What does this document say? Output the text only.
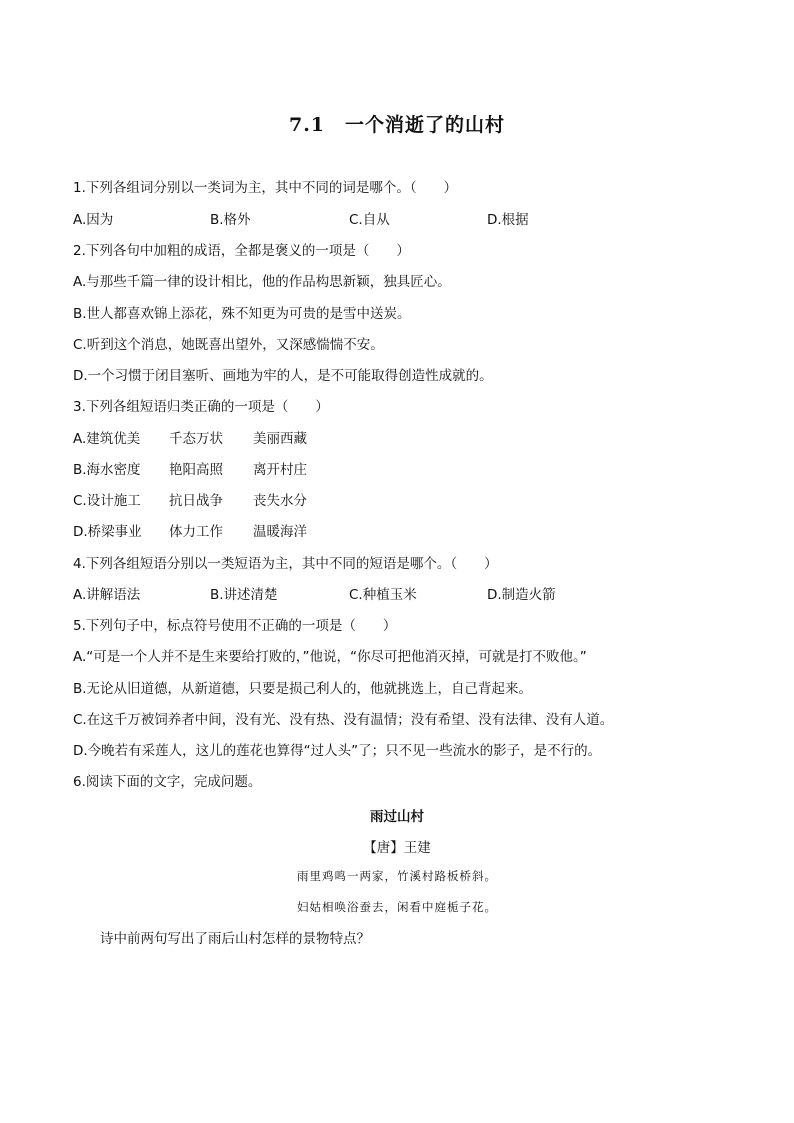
7.1　一个消逝了的山村
1.下列各组词分别以一类词为主，其中不同的词是哪个。（　　）
A.因为	B.格外	C.自从	D.根据
2.下列各句中加粗的成语，全都是褒义的一项是（　　）
A.与那些千篇一律的设计相比，他的作品构思新颖，独具匠心。
B.世人都喜欢锦上添花，殊不知更为可贵的是雪中送炭。
C.听到这个消息，她既喜出望外，又深感惴惴不安。
D.一个习惯于闭目塞听、画地为牢的人，是不可能取得创造性成就的。
3.下列各组短语归类正确的一项是（　　）
A.建筑优美 千态万状 美丽西藏
B.海水密度 艳阳高照 离开村庄
C.设计施工 抗日战争 丧失水分
D.桥梁事业 体力工作 温暖海洋
4.下列各组短语分别以一类短语为主，其中不同的短语是哪个。（　　）
A.讲解语法	B.讲述清楚	C.种植玉米	D.制造火箭
5.下列句子中，标点符号使用不正确的一项是（　　）
A.“可是一个人并不是生来要给打败的，”他说，“你尽可把他消灭掉，可就是打不败他。”
B.无论从旧道德，从新道德，只要是损己利人的，他就挑选上，自己背起来。
C.在这千万被饲养者中间，没有光、没有热、没有温情；没有希望、没有法律、没有人道。
D.今晚若有采莲人，这儿的莲花也算得“过人头”了；只不见一些流水的影子，是不行的。
6.阅读下面的文字，完成问题。
雨过山村
【唐】王建
雨里鸡鸣一两家，竹溪村路板桥斜。
妇姑相唤浴蚕去，闲看中庭栀子花。
诗中前两句写出了雨后山村怎样的景物特点？
